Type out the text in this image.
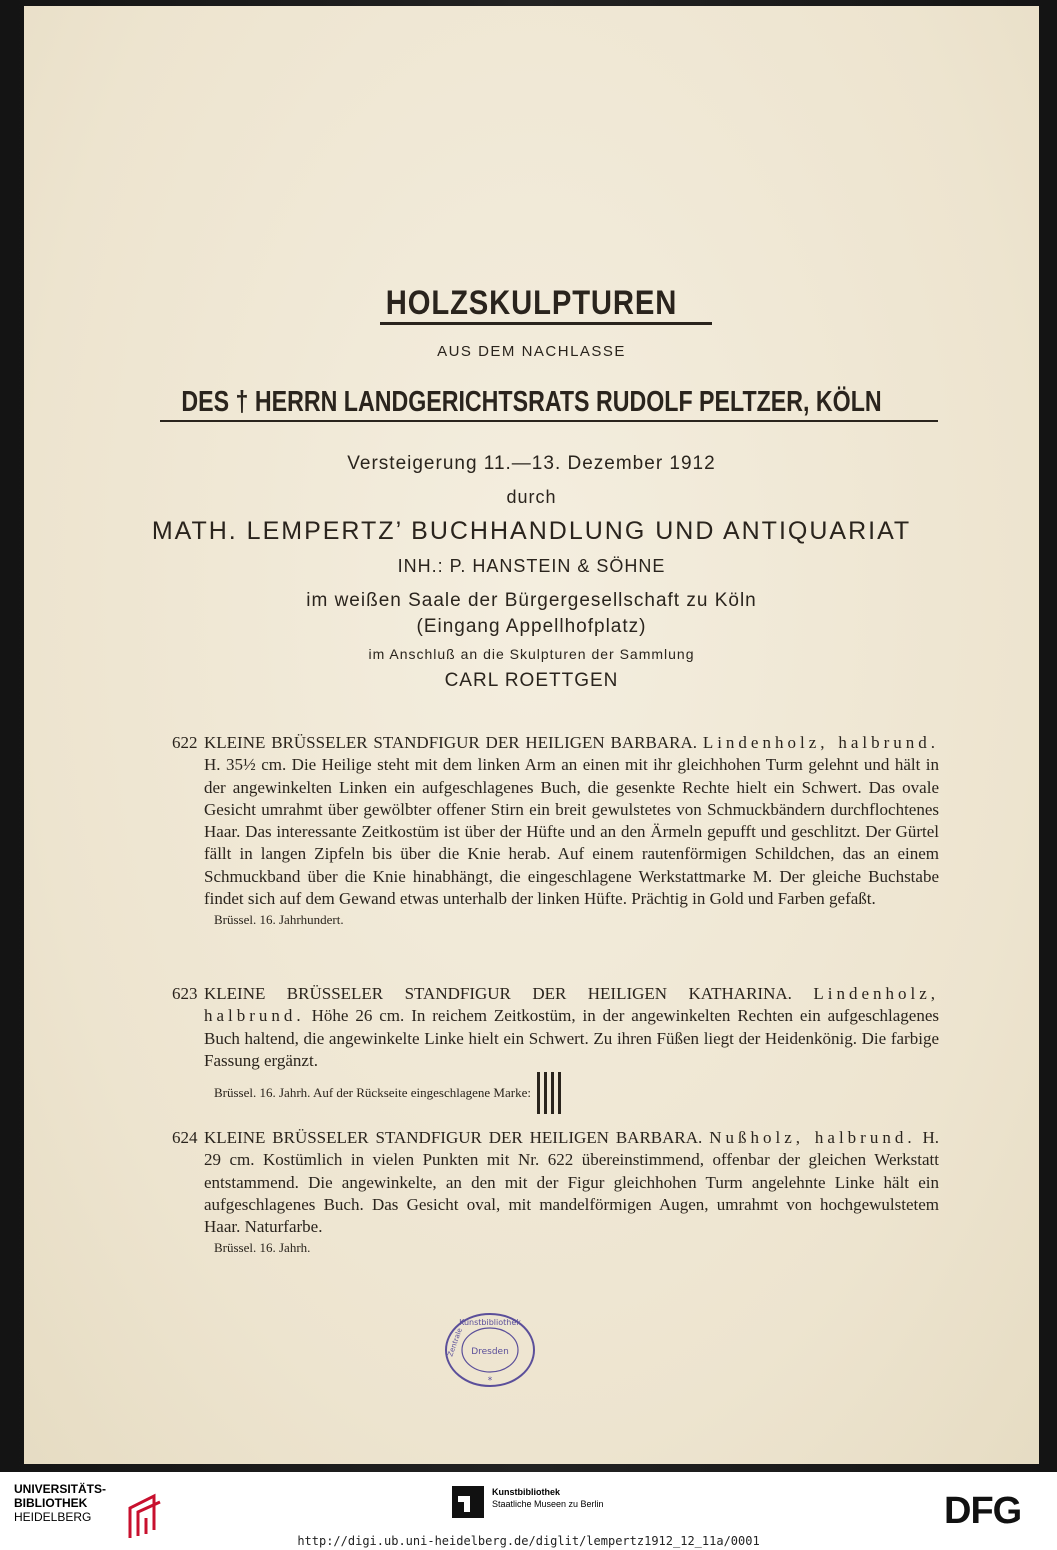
HOLZSKULPTUREN
AUS DEM NACHLASSE
DES † HERRN LANDGERICHTSRATS RUDOLF PELTZER, KÖLN
Versteigerung 11.—13. Dezember 1912
durch
MATH. LEMPERTZ’ BUCHHANDLUNG UND ANTIQUARIAT
INH.: P. HANSTEIN & SÖHNE
im weißen Saale der Bürgergesellschaft zu Köln
(Eingang Appellhofplatz)
im Anschluß an die Skulpturen der Sammlung
CARL ROETTGEN
622 KLEINE BRÜSSELER STANDFIGUR DER HEILIGEN BARBARA. Lindenholz, halbrund. H. 35½ cm. Die Heilige steht mit dem linken Arm an einen mit ihr gleichhohen Turm gelehnt und hält in der angewinkelten Linken ein aufgeschlagenes Buch, die gesenkte Rechte hielt ein Schwert. Das ovale Gesicht umrahmt über gewölbter offener Stirn ein breit gewulstetes von Schmuckbändern durchflochtenes Haar. Das interessante Zeitkostüm ist über der Hüfte und an den Ärmeln gepufft und geschlitzt. Der Gürtel fällt in langen Zipfeln bis über die Knie herab. Auf einem rautenförmigen Schildchen, das an einem Schmuckband über die Knie hinabhängt, die eingeschlagene Werkstattmarke M. Der gleiche Buchstabe findet sich auf dem Gewand etwas unterhalb der linken Hüfte. Prächtig in Gold und Farben gefaßt.
Brüssel. 16. Jahrhundert.
623 KLEINE BRÜSSELER STANDFIGUR DER HEILIGEN KATHARINA. Lindenholz, halbrund. Höhe 26 cm. In reichem Zeitkostüm, in der angewinkelten Rechten ein aufgeschlagenes Buch haltend, die angewinkelte Linke hielt ein Schwert. Zu ihren Füßen liegt der Heidenkönig. Die farbige Fassung ergänzt.
Brüssel. 16. Jahrh. Auf der Rückseite eingeschlagene Marke:
624 KLEINE BRÜSSELER STANDFIGUR DER HEILIGEN BARBARA. Nußholz, halbrund. H. 29 cm. Kostümlich in vielen Punkten mit Nr. 622 übereinstimmend, offenbar der gleichen Werkstatt entstammend. Die angewinkelte, an den mit der Figur gleichhohen Turm angelehnte Linke hält ein aufgeschlagenes Buch. Das Gesicht oval, mit mandelförmigen Augen, umrahmt von hochgewulstetem Haar. Naturfarbe.
Brüssel. 16. Jahrh.
Kunstbibliothek
Dresden
Zentrale
*
UNIVERSITÄTS-
BIBLIOTHEK
HEIDELBERG
Kunstbibliothek
Staatliche Museen zu Berlin	DFG
http://digi.ub.uni-heidelberg.de/diglit/lempertz1912_12_11a/0001
